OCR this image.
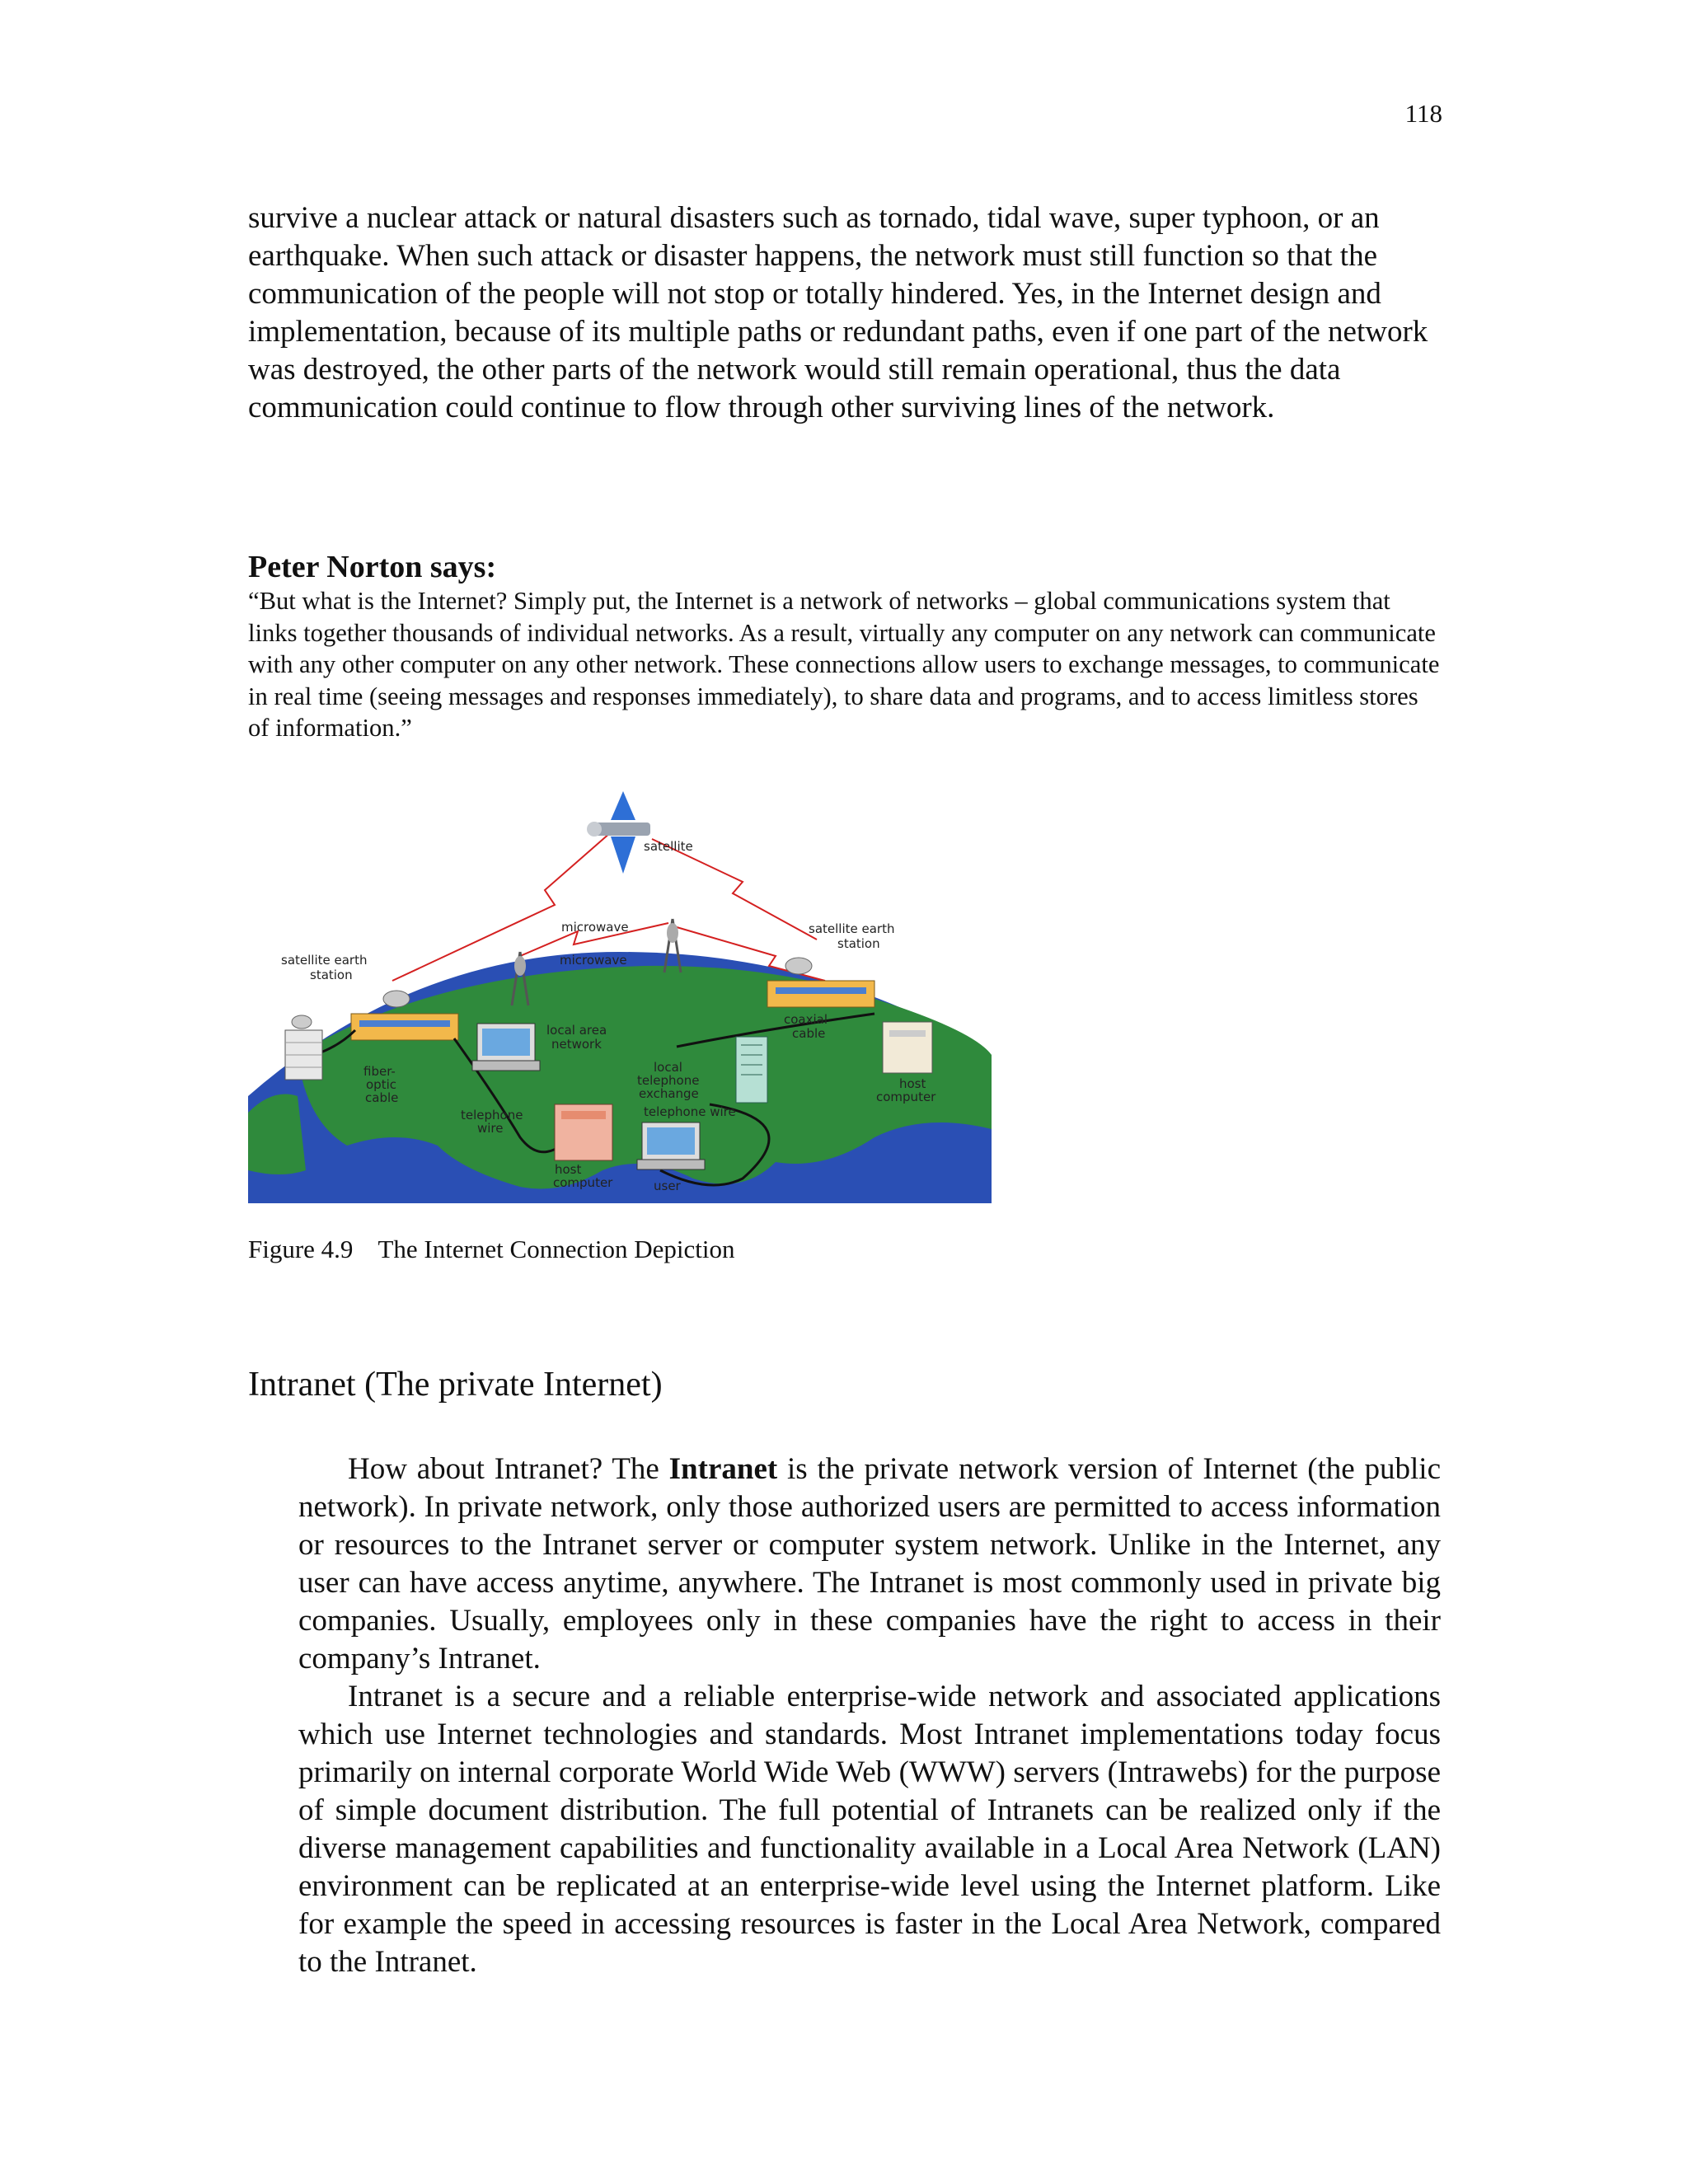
118
survive a nuclear attack or natural disasters such as tornado, tidal wave, super typhoon, or an earthquake. When such attack or disaster happens, the network must still function so that the communication of the people will not stop or totally hindered. Yes, in the Internet design and implementation, because of its multiple paths or redundant paths, even if one part of the network was destroyed, the other parts of the network would still remain operational, thus the data communication could continue to flow through other surviving lines of the network.
Peter Norton says:
“But what is the Internet? Simply put, the Internet is a network of networks – global communications system that links together thousands of individual networks. As a result, virtually any computer on any network can communicate with any other computer on any other network. These connections allow users to exchange messages, to communicate in real time (seeing messages and responses immediately), to share data and programs, and to access limitless stores of information.”
satellite
microwave
microwave
satellite earth
station
satellite earth
station
local area
network
coaxial
cable
fiber-
optic
cable
local
telephone
exchange
host
computer
telephone
wire
telephone wire
host
computer	user
Figure 4.9 The Internet Connection Depiction
Intranet (The private Internet)
How about Intranet? The Intranet is the private network version of Internet (the public network). In private network, only those authorized users are permitted to access information or resources to the Intranet server or computer system network. Unlike in the Internet, any user can have access anytime, anywhere. The Intranet is most commonly used in private big companies. Usually, employees only in these companies have the right to access in their company’s Intranet.
Intranet is a secure and a reliable enterprise-wide network and associated applications which use Internet technologies and standards. Most Intranet implementations today focus primarily on internal corporate World Wide Web (WWW) servers (Intrawebs) for the purpose of simple document distribution. The full potential of Intranets can be realized only if the diverse management capabilities and functionality available in a Local Area Network (LAN) environment can be replicated at an enterprise-wide level using the Internet platform. Like for example the speed in accessing resources is faster in the Local Area Network, compared to the Intranet.
